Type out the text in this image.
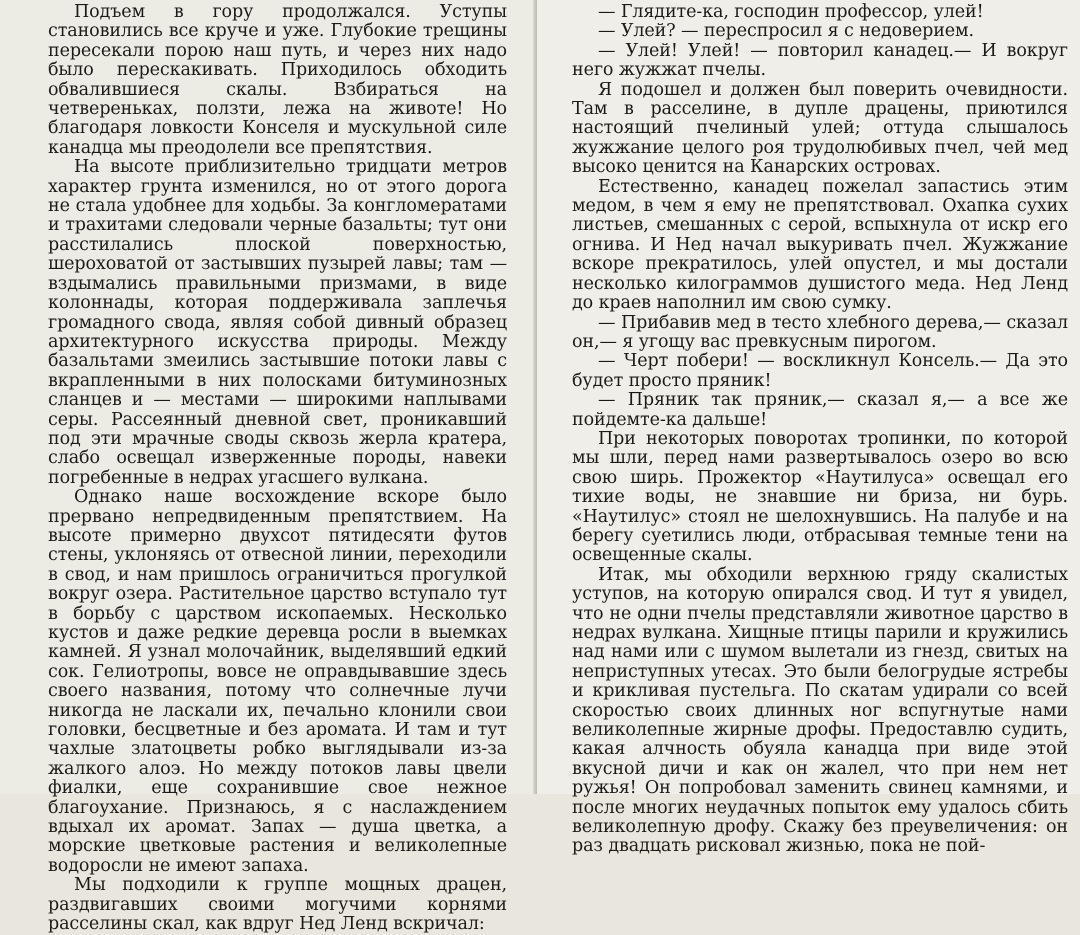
Подъем в гору продолжался. Уступы становились все круче и уже. Глубокие трещины пересекали порою наш путь, и через них надо было перескакивать. Приходилось обходить обвалившиеся скалы. Взбираться на четвереньках, ползти, лежа на животе! Но благодаря ловкости Конселя и мускульной силе канадца мы преодолели все препятствия.

На высоте приблизительно тридцати метров характер грунта изменился, но от этого дорога не стала удобнее для ходьбы. За конгломератами и трахитами следовали черные базальты; тут они расстилались плоской поверхностью, шероховатой от застывших пузырей лавы; там — вздымались правильными призмами, в виде колоннады, которая поддерживала заплечья громадного свода, являя собой дивный образец архитектурного искусства природы. Между базальтами змеились застывшие потоки лавы с вкрапленными в них полосками битуминозных сланцев и — местами — широкими наплывами серы. Рассеянный дневной свет, проникавший под эти мрачные своды сквозь жерла кратера, слабо освещал изверженные породы, навеки погребенные в недрах угасшего вулкана.

Однако наше восхождение вскоре было прервано непредвиденным препятствием. На высоте примерно двухсот пятидесяти футов стены, уклоняясь от отвесной линии, переходили в свод, и нам пришлось ограничиться прогулкой вокруг озера. Растительное царство вступало тут в борьбу с царством ископаемых. Несколько кустов и даже редкие деревца росли в выемках камней. Я узнал молочайник, выделявший едкий сок. Гелиотропы, вовсе не оправдывавшие здесь своего названия, потому что солнечные лучи никогда не ласкали их, печально клонили свои головки, бесцветные и без аромата. И там и тут чахлые златоцветы робко выглядывали из-за жалкого алоэ. Но между потоков лавы цвели фиалки, еще сохранившие свое нежное благоухание. Признаюсь, я с наслаждением вдыхал их аромат. Запах — душа цветка, а морские цветковые растения и великолепные водоросли не имеют запаха.

Мы подходили к группе мощных драцен, раздвигавших своими могучими корнями расселины скал, как вдруг Нед Ленд вскричал:

— Глядите-ка, господин профессор, улей!

— Улей? — переспросил я с недоверием.

— Улей! Улей! — повторил канадец.— И вокруг него жужжат пчелы.

Я подошел и должен был поверить очевидности. Там в расселине, в дупле драцены, приютился настоящий пчелиный улей; оттуда слышалось жужжание целого роя трудолюбивых пчел, чей мед высоко ценится на Канарских островах.

Естественно, канадец пожелал запастись этим медом, в чем я ему не препятствовал. Охапка сухих листьев, смешанных с серой, вспыхнула от искр его огнива. И Нед начал выкуривать пчел. Жужжание вскоре прекратилось, улей опустел, и мы достали несколько килограммов душистого меда. Нед Ленд до краев наполнил им свою сумку.

— Прибавив мед в тесто хлебного дерева,— сказал он,— я угощу вас превкусным пирогом.

— Черт побери! — воскликнул Консель.— Да это будет просто пряник!

— Пряник так пряник,— сказал я,— а все же пойдемте-ка дальше!

При некоторых поворотах тропинки, по которой мы шли, перед нами развертывалось озеро во всю свою ширь. Прожектор «Наутилуса» освещал его тихие воды, не знавшие ни бриза, ни бурь. «Наутилус» стоял не шелохнувшись. На палубе и на берегу суетились люди, отбрасывая темные тени на освещенные скалы.

Итак, мы обходили верхнюю гряду скалистых уступов, на которую опирался свод. И тут я увидел, что не одни пчелы представляли животное царство в недрах вулкана. Хищные птицы парили и кружились над нами или с шумом вылетали из гнезд, свитых на неприступных утесах. Это были белогрудые ястребы и крикливая пустельга. По скатам удирали со всей скоростью своих длинных ног вспугнутые нами великолепные жирные дрофы. Предоставлю судить, какая алчность обуяла канадца при виде этой вкусной дичи и как он жалел, что при нем нет ружья! Он попробовал заменить свинец камнями, и после многих неудачных попыток ему удалось сбить великолепную дрофу. Скажу без преувеличения: он раз двадцать рисковал жизнью, пока не пой-
